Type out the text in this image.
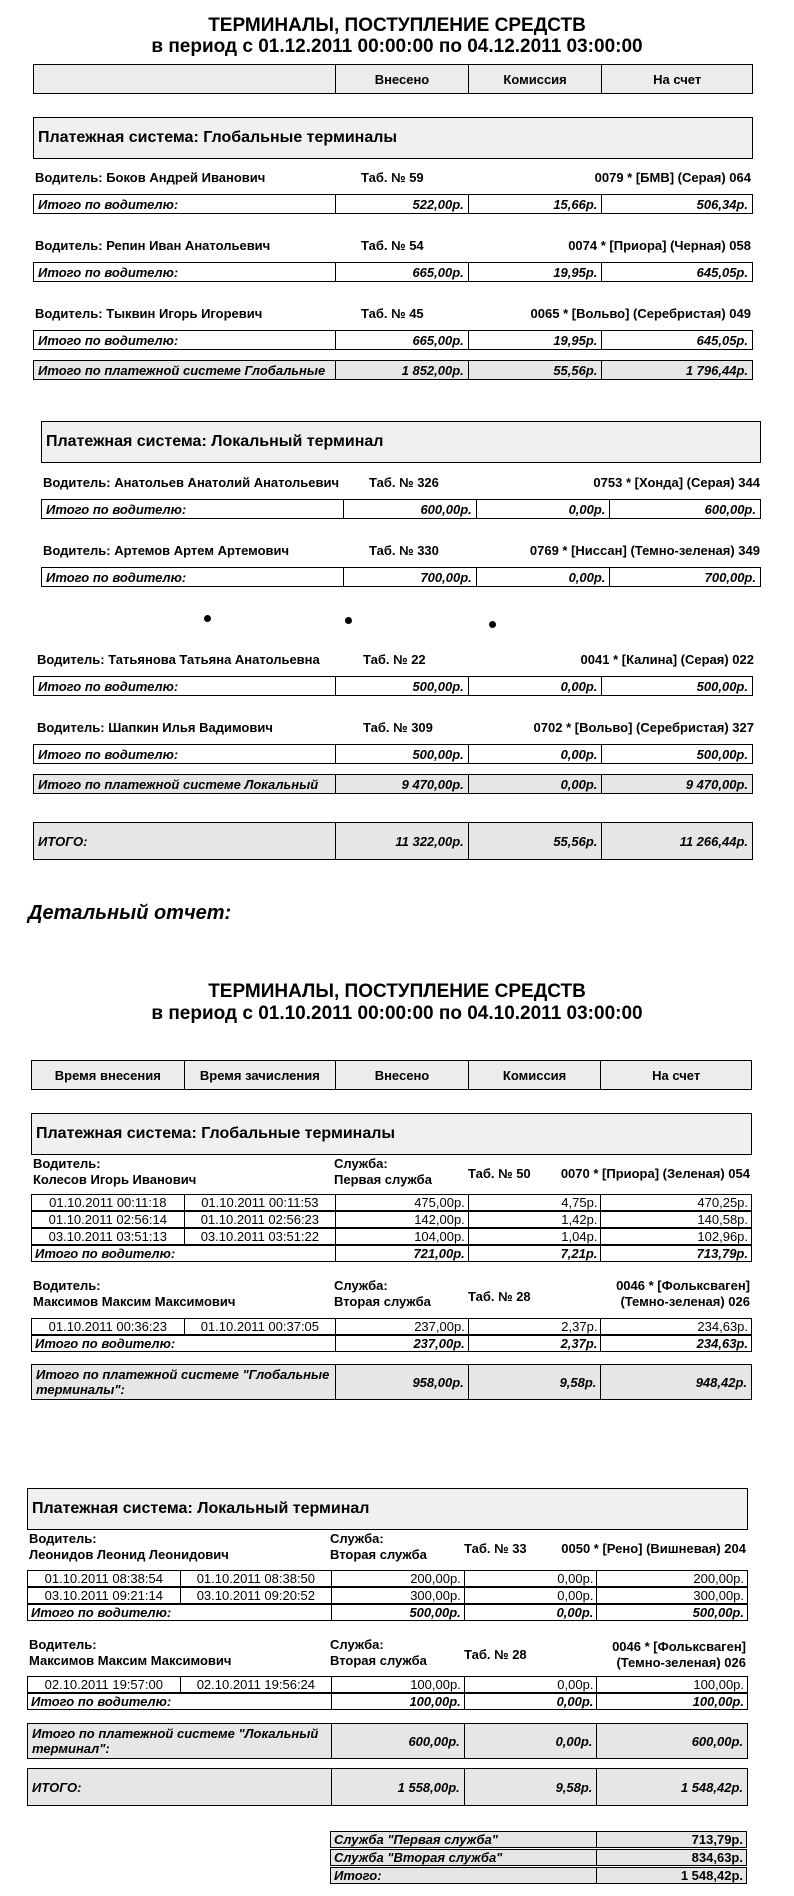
ТЕРМИНАЛЫ, ПОСТУПЛЕНИЕ СРЕДСТВ
в период с 01.12.2011 00:00:00 по 04.12.2011 03:00:00
Внесено	Комиссия	На счет
Платежная система: Глобальные терминалы
Водитель: Боков Андрей Иванович	Таб. № 59	0079 * [БМВ] (Серая) 064
Итого по водителю:	522,00р.	15,66р.	506,34р.
Водитель: Репин Иван Анатольевич	Таб. № 54	0074 * [Приора] (Черная) 058
Итого по водителю:	665,00р.	19,95р.	645,05р.
Водитель: Тыквин Игорь Игоревич	Таб. № 45	0065 * [Вольво] (Серебристая) 049
Итого по водителю:	665,00р.	19,95р.	645,05р.
Итого по платежной системе Глобальные	1 852,00р.	55,56р.	1 796,44р.
Платежная система: Локальный терминал
Водитель: Анатольев Анатолий Анатольевич Таб. № 326	0753 * [Хонда] (Серая) 344
Итого по водителю:	600,00р.	0,00р.	600,00р.
Водитель: Артемов Артем Артемович	Таб. № 330	0769 * [Ниссан] (Темно-зеленая) 349
Итого по водителю:	700,00р.	0,00р.	700,00р.
Водитель: Татьянова Татьяна Анатольевна	Таб. № 22	0041 * [Калина] (Серая) 022
Итого по водителю:	500,00р.	0,00р.	500,00р.
Водитель: Шапкин Илья Вадимович	Таб. № 309	0702 * [Вольво] (Серебристая) 327
Итого по водителю:	500,00р.	0,00р.	500,00р.
Итого по платежной системе Локальный	9 470,00р.	0,00р.	9 470,00р.
ИТОГО:	11 322,00р.	55,56р.	11 266,44р.
Детальный отчет:
ТЕРМИНАЛЫ, ПОСТУПЛЕНИЕ СРЕДСТВ
в период с 01.10.2011 00:00:00 по 04.10.2011 03:00:00
Время внесения	Время зачисления	Внесено	Комиссия	На счет
Платежная система: Глобальные терминалы
Водитель:
Колесов Игорь Иванович
Служба:
Первая служба	Таб. № 50 0070 * [Приора] (Зеленая) 054
01.10.2011 00:11:18	01.10.2011 00:11:53	475,00р.	4,75р.	470,25р.
01.10.2011 02:56:14	01.10.2011 02:56:23	142,00р.	1,42р.	140,58р.
03.10.2011 03:51:13	03.10.2011 03:51:22	104,00р.	1,04р.	102,96р.
Итого по водителю:	721,00р.	7,21р.	713,79р.
Водитель:
Максимов Максим Максимович
Служба:
Вторая служба	Таб. № 28
0046 * [Фольксваген]
(Темно-зеленая) 026
01.10.2011 00:36:23	01.10.2011 00:37:05	237,00р.	2,37р.	234,63р.
Итого по водителю:	237,00р.	2,37р.	234,63р.
Итого по платежной системе "Глобальные терминалы":	958,00р.	9,58р.	948,42р.
Платежная система: Локальный терминал
Водитель:
Леонидов Леонид Леонидович
Служба:
Вторая служба	Таб. № 33	0050 * [Рено] (Вишневая) 204
01.10.2011 08:38:54	01.10.2011 08:38:50	200,00р.	0,00р.	200,00р.
03.10.2011 09:21:14	03.10.2011 09:20:52	300,00р.	0,00р.	300,00р.
Итого по водителю:	500,00р.	0,00р.	500,00р.
Водитель:
Максимов Максим Максимович
Служба:
Вторая служба	Таб. № 28
0046 * [Фольксваген]
(Темно-зеленая) 026
02.10.2011 19:57:00	02.10.2011 19:56:24	100,00р.	0,00р.	100,00р.
Итого по водителю:	100,00р.	0,00р.	100,00р.
Итого по платежной системе "Локальный терминал":	600,00р.	0,00р.	600,00р.
ИТОГО:	1 558,00р.	9,58р.	1 548,42р.
Служба "Первая служба"	713,79р.
Служба "Вторая служба"	834,63р.
Итого:	1 548,42р.
